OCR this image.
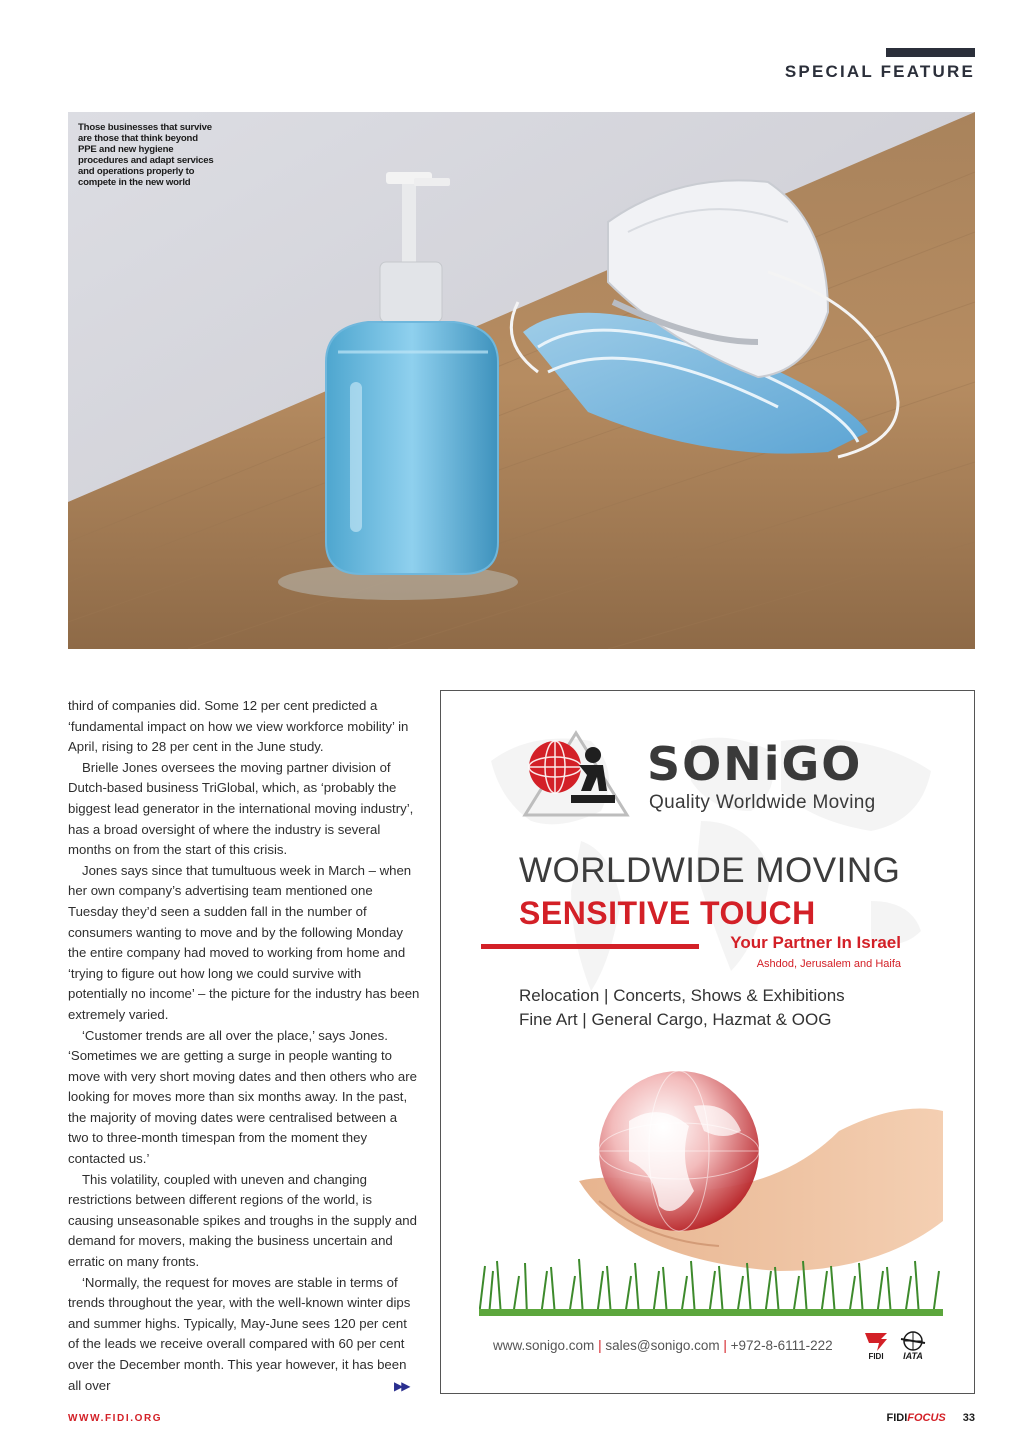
SPECIAL FEATURE
Those businesses that survive are those that think beyond PPE and new hygiene procedures and adapt services and operations properly to compete in the new world

third of companies did. Some 12 per cent predicted a ‘fundamental impact on how we view workforce mobility’ in April, rising to 28 per cent in the June study.

Brielle Jones oversees the moving partner division of Dutch-based business TriGlobal, which, as ‘probably the biggest lead generator in the international moving industry’, has a broad oversight of where the industry is several months on from the start of this crisis.

Jones says since that tumultuous week in March – when her own company’s advertising team mentioned one Tuesday they’d seen a sudden fall in the number of consumers wanting to move and by the following Monday the entire company had moved to working from home and ‘trying to figure out how long we could survive with potentially no income’ – the picture for the industry has been extremely varied.

‘Customer trends are all over the place,’ says Jones. ‘Sometimes we are getting a surge in people wanting to move with very short moving dates and then others who are looking for moves more than six months away. In the past, the majority of moving dates were centralised between a two to three-month timespan from the moment they contacted us.’

This volatility, coupled with uneven and changing restrictions between different regions of the world, is causing unseasonable spikes and troughs in the supply and demand for movers, making the business uncertain and erratic on many fronts.

‘Normally, the request for moves are stable in terms of trends throughout the year, with the well-known winter dips and summer highs. Typically, May-June sees 120 per cent of the leads we receive overall compared with 60 per cent over the December month. This year however, it has been all over	▶▶
SONiGO
Quality Worldwide Moving
WORLDWIDE MOVING
SENSITIVE TOUCH
Your Partner In Israel
Ashdod, Jerusalem and Haifa
Relocation | Concerts, Shows & Exhibitions
Fine Art | General Cargo, Hazmat & OOG
www.sonigo.com | sales@sonigo.com | +972-8-6111-222
FIDI IATA
WWW.FIDI.ORG	FIDIFOCUS	33
